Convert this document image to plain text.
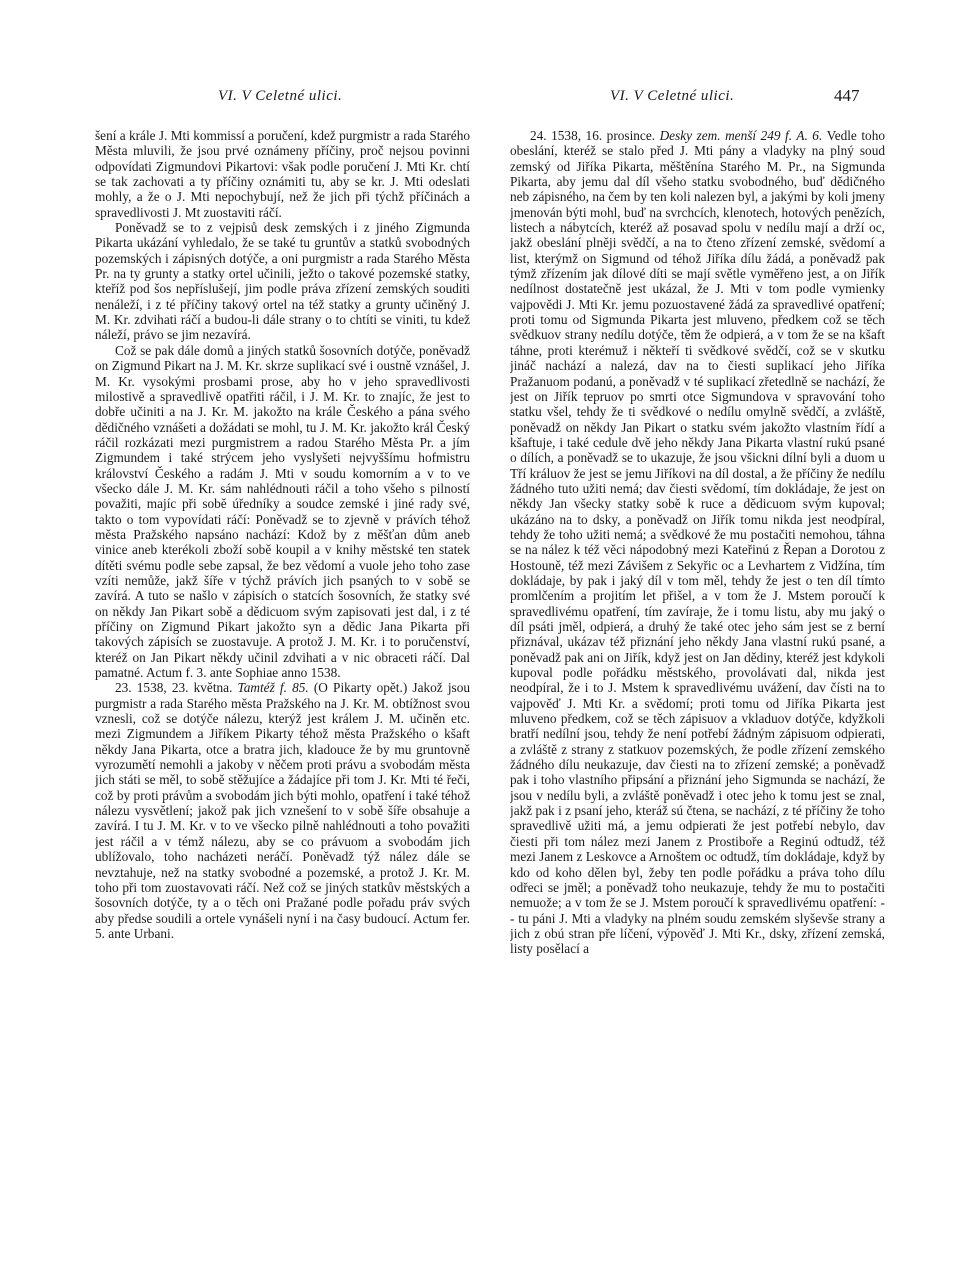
VI. V Celetné ulici.	VI. V Celetné ulici.	447

šení a krále J. Mti kommissí a poručení, kdež purgmistr a rada Starého Města mluvili, že jsou prvé oznámeny příčiny, proč nejsou povinni odpovídati Zigmundovi Pikartovi: však podle poručení J. Mti Kr. chtí se tak zachovati a ty příčiny oznámiti tu, aby se kr. J. Mti odeslati mohly, a že o J. Mti nepochybují, než že jich při týchž příčinách a spravedlivosti J. Mt zuostaviti ráčí.

Poněvadž se to z vejpisů desk zemských i z jiného Zigmunda Pikarta ukázání vyhledalo, že se také tu gruntův a statků svobodných pozemských i zápisných dotýče, a oni purgmistr a rada Starého Města Pr. na ty grunty a statky ortel učinili, ježto o takové pozemské statky, kteříž pod šos nepříslušejí, jim podle práva zřízení zemských souditi nenáleží, i z té příčiny takový ortel na též statky a grunty učiněný J. M. Kr. zdvihati ráčí a budou-li dále strany o to chtíti se viniti, tu kdež náleží, právo se jim nezavírá.

Což se pak dále domů a jiných statků šosovních dotýče, poněvadž on Zigmund Pikart na J. M. Kr. skrze suplikací své i oustně vznášel, J. M. Kr. vysokými prosbami prose, aby ho v jeho spravedlivosti milostivě a spravedlivě opatřiti ráčil, i J. M. Kr. to znajíc, že jest to dobře učiniti a na J. Kr. M. jakožto na krále Českého a pána svého dědičného vznášeti a dožádati se mohl, tu J. M. Kr. jakožto král Český ráčil rozkázati mezi purgmistrem a radou Starého Města Pr. a jím Zigmundem i také strýcem jeho vyslyšeti nejvyššímu hofmistru království Českého a radám J. Mti v soudu komorním a v to ve všecko dále J. M. Kr. sám nahlédnouti ráčil a toho všeho s pilností považiti, majíc při sobě úředníky a soudce zemské i jiné rady své, takto o tom vypovídati ráčí: Poněvadž se to zjevně v právích téhož města Pražského napsáno nachází: Kdož by z měšťan dům aneb vinice aneb kterékoli zboží sobě koupil a v knihy městské ten statek dítěti svému podle sebe zapsal, že bez vědomí a vuole jeho toho zase vzíti nemůže, jakž šíře v týchž právích jich psaných to v sobě se zavírá. A tuto se našlo v zápisích o statcích šosovních, že statky své on někdy Jan Pikart sobě a dědicuom svým zapisovati jest dal, i z té příčiny on Zigmund Pikart jakožto syn a dědic Jana Pikarta při takových zápisích se zuostavuje. A protož J. M. Kr. i to poručenství, kteréž on Jan Pikart někdy učinil zdvihati a v nic obraceti ráčí. Dal pamatné. Actum f. 3. ante Sophiae anno 1538.

23. 1538, 23. května. Tamtéž f. 85. (O Pikarty opět.) Jakož jsou purgmistr a rada Starého města Pražského na J. Kr. M. obtížnost svou vznesli, což se dotýče nálezu, kterýž jest králem J. M. učiněn etc. mezi Zigmundem a Jiříkem Pikarty téhož města Pražského o kšaft někdy Jana Pikarta, otce a bratra jich, kladouce že by mu gruntovně vyrozumětí nemohli a jakoby v něčem proti právu a svobodám města jich státi se měl, to sobě stěžujíce a žádajíce při tom J. Kr. Mti té řeči, což by proti právům a svobodám jich býti mohlo, opatření i také téhož nálezu vysvětlení; jakož pak jich vznešení to v sobě šíře obsahuje a zavírá. I tu J. M. Kr. v to ve všecko pilně nahlédnouti a toho považiti jest ráčil a v témž nálezu, aby se co právuom a svobodám jich ublížovalo, toho nacházeti neráčí. Poněvadž týž nález dále se nevztahuje, než na statky svobodné a pozemské, a protož J. Kr. M. toho při tom zuostavovati ráčí. Než což se jiných statkův městských a šosovních dotýče, ty a o těch oni Pražané podle pořadu práv svých aby předse soudili a ortele vynášeli nyní i na časy budoucí. Actum fer. 5. ante Urbani.

24. 1538, 16. prosince. Desky zem. menší 249 f. A. 6. Vedle toho obeslání, kteréž se stalo před J. Mti pány a vladyky na plný soud zemský od Jiříka Pikarta, měštěnína Starého M. Pr., na Sigmunda Pikarta, aby jemu dal díl všeho statku svobodného, buď dědičného neb zápisného, na čem by ten koli nalezen byl, a jakými by koli jmeny jmenován býti mohl, buď na svrchcích, klenotech, hotových penězích, listech a nábytcích, kteréž až posavad spolu v nedílu mají a drží oc, jakž obeslání plněji svědčí, a na to čteno zřízení zemské, svědomí a list, kterýmž on Sigmund od téhož Jiříka dílu žádá, a poněvadž pak týmž zřízením jak dílové díti se mají světle vyměřeno jest, a on Jiřík nedílnost dostatečně jest ukázal, že J. Mti v tom podle vymienky vajpovědi J. Mti Kr. jemu pozuostavené žádá za spravedlivé opatření; proti tomu od Sigmunda Pikarta jest mluveno, předkem což se těch svědkuov strany nedílu dotýče, těm že odpierá, a v tom že se na kšaft táhne, proti kterémuž i někteří ti svědkové svědčí, což se v skutku jináč nachází a nalezá, dav na to čiesti suplikací jeho Jiříka Pražanuom podanú, a poněvadž v té suplikací zřetedlně se nachází, že jest on Jiřík tepruov po smrti otce Sigmundova v spravování toho statku všel, tehdy že ti svědkové o nedílu omylně svědčí, a zvláště, poněvadž on někdy Jan Pikart o statku svém jakožto vlastním řídí a kšaftuje, i také cedule dvě jeho někdy Jana Pikarta vlastní rukú psané o dílích, a poněvadž se to ukazuje, že jsou všickni dílní byli a duom u Tří králuov že jest se jemu Jiříkovi na díl dostal, a že příčiny že nedílu žádného tuto užiti nemá; dav čiesti svědomí, tím dokládaje, že jest on někdy Jan všecky statky sobě k rucе a dědicuom svým kupoval; ukázáno na to dsky, a poněvadž on Jiřík tomu nikda jest neodpíral, tehdy že toho užiti nemá; a svědkové že mu postačiti nemohou, táhna se na nález k též věci nápodobný mezi Kateřinú z Řepan a Dorotou z Hostouně, též mezi Závišem z Sekyřic oc a Levhartem z Vidžína, tím dokládaje, by pak i jaký díl v tom měl, tehdy že jest o ten díl tímto promlčením a projitím let přišel, a v tom že J. Mstem poroučí k spravedlivému opatření, tím zavíraje, že i tomu listu, aby mu jaký o díl psáti jměl, odpierá, a druhý že také otec jeho sám jest se z berní přiznával, ukázav též přiznání jeho někdy Jana vlastní rukú psané, a poněvadž pak ani on Jiřík, když jest on Jan dědiny, kteréž jest kdykoli kupoval podle pořádku městského, provolávati dal, nikda jest neodpíral, že i to J. Mstem k spravedlivému uvážení, dav čísti na to vajpověď J. Mti Kr. a svědomí; proti tomu od Jiříka Pikarta jest mluveno předkem, což se těch zápisuov a vkladuov dotýče, kdyžkoli bratří nedílní jsou, tehdy že není potřebí žádným zápisuom odpierati, a zvláště z strany z statkuov pozemských, že podle zřízení zemského žádného dílu neukazuje, dav čiesti na to zřízení zemské; a poněvadž pak i toho vlastního připsání a přiznání jeho Sigmunda se nachází, že jsou v nedílu byli, a zvláště poněvadž i otec jeho k tomu jest se znal, jakž pak i z psaní jeho, kteráž sú čtena, se nachází, z té příčiny že toho spravedlivě užiti má, a jemu odpierati že jest potřebí nebylo, dav čiesti při tom nález mezi Janem z Prostiboře a Reginú odtudž, též mezi Janem z Leskovce a Arnoštem oc odtudž, tím dokládaje, když by kdo od koho dělen byl, žeby ten podle pořádku a práva toho dílu odřeci se jměl; a poněvadž toho neukazuje, tehdy že mu to postačiti nemuože; a v tom že se J. Mstem poroučí k spravedlivému opatření: - - tu páni J. Mti a vladyky na plném soudu zemském slyševše strany a jich z obú stran pře líčení, výpověď J. Mti Kr., dsky, zřízení zemská, listy posělací a
